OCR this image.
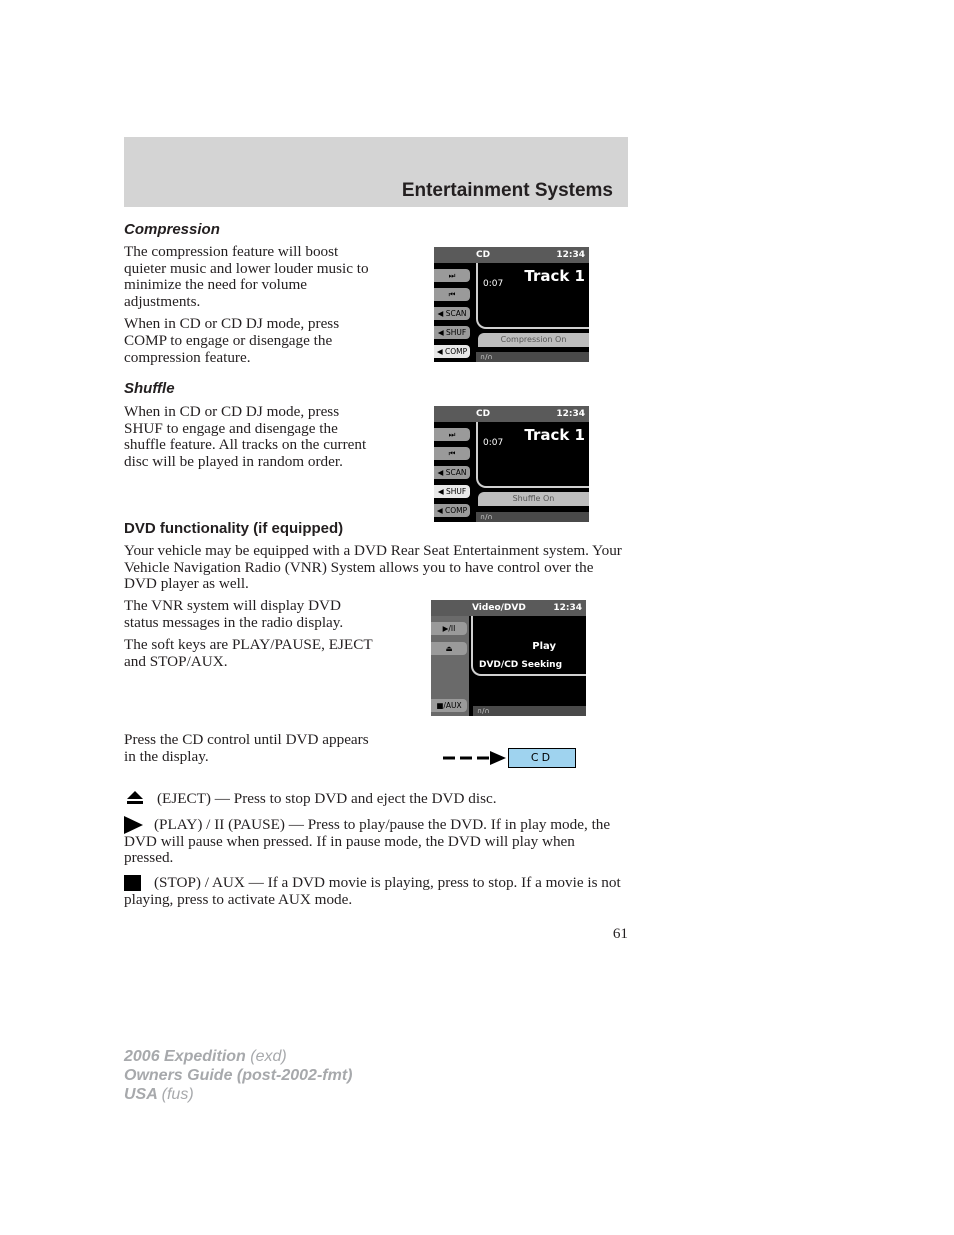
Entertainment Systems
Compression

The compression feature will boost quieter music and lower louder music to minimize the need for volume adjustments.

When in CD or CD DJ mode, press COMP to engage or disengage the compression feature.

CD	12:34
⏭
⏮
◀ SCAN
◀ SHUF
◀ COMP
0:07 Track 1
Compression On
∩/∩
Shuffle

When in CD or CD DJ mode, press SHUF to engage and disengage the shuffle feature. All tracks on the current disc will be played in random order.

CD	12:34
⏭
⏮
◀ SCAN
◀ SHUF
◀ COMP
0:07 Track 1
Shuffle On
∩/∩
DVD functionality (if equipped)
Your vehicle may be equipped with a DVD Rear Seat Entertainment system. Your Vehicle Navigation Radio (VNR) System allows you to have control over the DVD player as well.

The VNR system will display DVD status messages in the radio display.

The soft keys are PLAY/PAUSE, EJECT and STOP/AUX.

Video/DVD	12:34
▶/II
⏏
■/AUX
Play
DVD/CD Seeking
∩/∩
Press the CD control until DVD appears in the display.	CD
(EJECT) — Press to stop DVD and eject the DVD disc.
(PLAY) / II (PAUSE) — Press to play/pause the DVD. If in play mode, the DVD will pause when pressed. If in pause mode, the DVD will play when pressed.
(STOP) / AUX — If a DVD movie is playing, press to stop. If a movie is not playing, press to activate AUX mode.
61
2006 Expedition (exd)
Owners Guide (post-2002-fmt)
USA (fus)
